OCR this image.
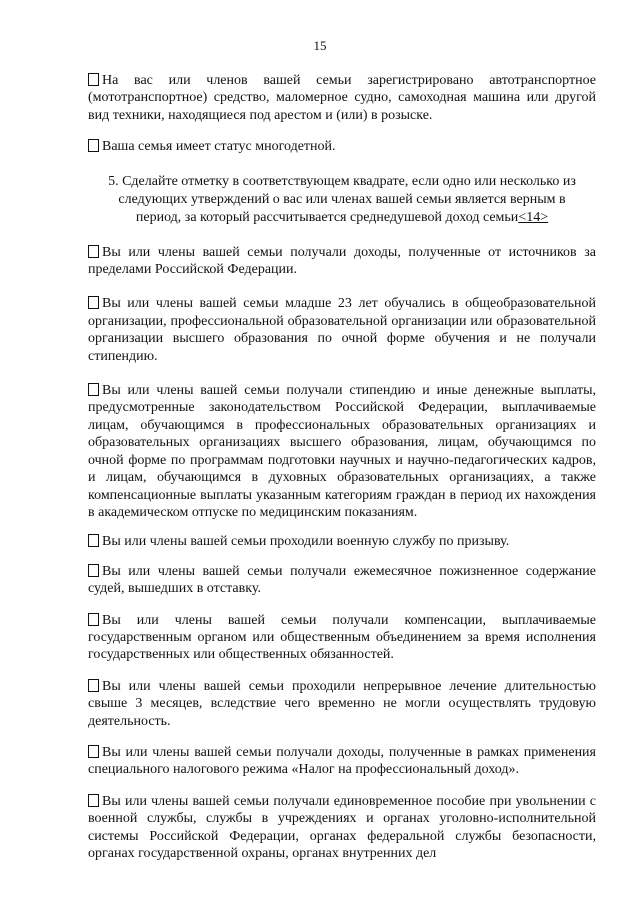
15

На вас или членов вашей семьи зарегистрировано автотранспортное (мототранспортное) средство, маломерное судно, самоходная машина или другой вид техники, находящиеся под арестом и (или) в розыске.

Ваша семья имеет статус многодетной.

5. Сделайте отметку в соответствующем квадрате, если одно или несколько из следующих утверждений о вас или членах вашей семьи является верным в период, за который рассчитывается среднедушевой доход семьи<14>

Вы или члены вашей семьи получали доходы, полученные от источников за пределами Российской Федерации.

Вы или члены вашей семьи младше 23 лет обучались в общеобразовательной организации, профессиональной образовательной организации или образовательной организации высшего образования по очной форме обучения и не получали стипендию.

Вы или члены вашей семьи получали стипендию и иные денежные выплаты, предусмотренные законодательством Российской Федерации, выплачиваемые лицам, обучающимся в профессиональных образовательных организациях и образовательных организациях высшего образования, лицам, обучающимся по очной форме по программам подготовки научных и научно-педагогических кадров, и лицам, обучающимся в духовных образовательных организациях, а также компенсационные выплаты указанным категориям граждан в период их нахождения в академическом отпуске по медицинским показаниям.

Вы или члены вашей семьи проходили военную службу по призыву.

Вы или члены вашей семьи получали ежемесячное пожизненное содержание судей, вышедших в отставку.

Вы или члены вашей семьи получали компенсации, выплачиваемые государственным органом или общественным объединением за время исполнения государственных или общественных обязанностей.

Вы или члены вашей семьи проходили непрерывное лечение длительностью свыше 3 месяцев, вследствие чего временно не могли осуществлять трудовую деятельность.

Вы или члены вашей семьи получали доходы, полученные в рамках применения специального налогового режима «Налог на профессиональный доход».

Вы или члены вашей семьи получали единовременное пособие при увольнении с военной службы, службы в учреждениях и органах уголовно-исполнительной системы Российской Федерации, органах федеральной службы безопасности, органах государственной охраны, органах внутренних дел
